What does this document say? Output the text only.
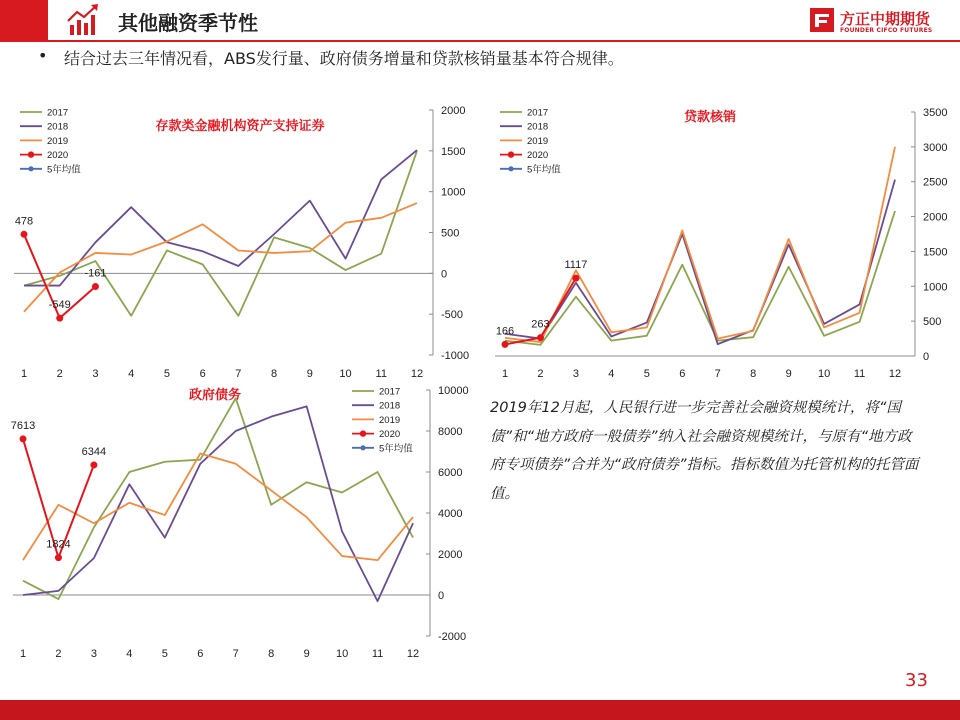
其他融资季节性	方正中期期货
FOUNDER CIFCO FUTURES
• 结合过去三年情况看，ABS发行量、政府债务增量和贷款核销量基本符合规律。
存款类金融机构资产支持证券
-1000
-500
0
500
1000
1500
2000
1	2	3	4	5	6	7	8	9 10 11 12
478
-549
-161
2017
2018
2019
2020
5年均值
贷款核销
0
500
1000
1500
2000
2500
3000
3500
1	2	3	4	5	6	7	8	9 10 11 12
166
263
1117
2017
2018
2019
2020
5年均值
政府债务
-2000
0
2000
4000
6000
8000
10000
1	2	3	4	5	6	7	8	9 10 11 12
7613
1824
6344
2017
2018
2019
2020
5年均值
2019年12月起，人民银行进一步完善社会融资规模统计，将“国债”和“地方政府一般债券”纳入社会融资规模统计，与原有“地方政府专项债券”合并为“政府债券”指标。指标数值为托管机构的托管面值。
33
